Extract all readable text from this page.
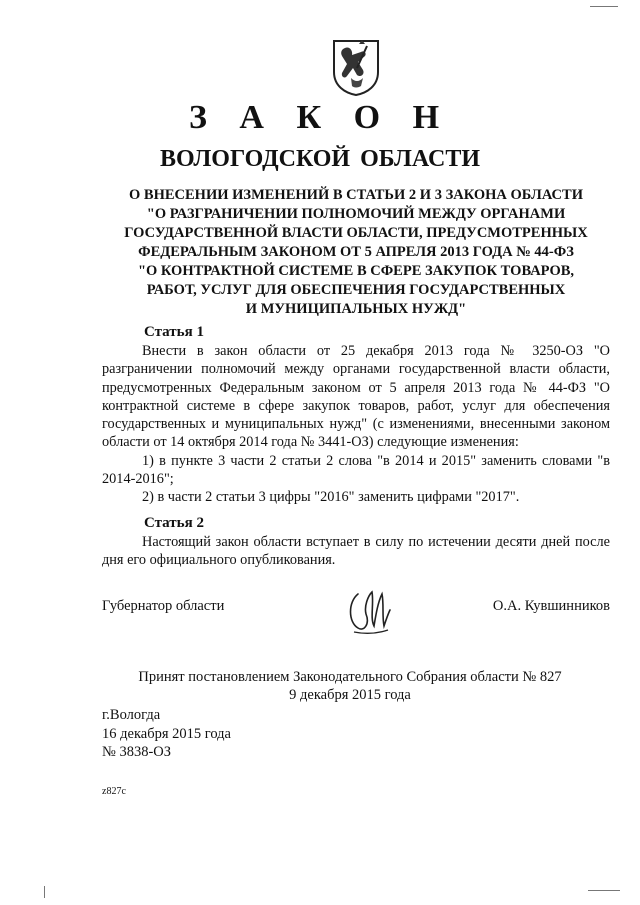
З А К О Н
ВОЛОГОДСКОЙ ОБЛАСТИ
О ВНЕСЕНИИ ИЗМЕНЕНИЙ В СТАТЬИ 2 И 3 ЗАКОНА ОБЛАСТИ
"О РАЗГРАНИЧЕНИИ ПОЛНОМОЧИЙ МЕЖДУ ОРГАНАМИ
ГОСУДАРСТВЕННОЙ ВЛАСТИ ОБЛАСТИ, ПРЕДУСМОТРЕННЫХ
ФЕДЕРАЛЬНЫМ ЗАКОНОМ ОТ 5 АПРЕЛЯ 2013 ГОДА № 44-ФЗ
"О КОНТРАКТНОЙ СИСТЕМЕ В СФЕРЕ ЗАКУПОК ТОВАРОВ,
РАБОТ, УСЛУГ ДЛЯ ОБЕСПЕЧЕНИЯ ГОСУДАРСТВЕННЫХ
И МУНИЦИПАЛЬНЫХ НУЖД"
Статья 1

Внести в закон области от 25 декабря 2013 года № 3250-ОЗ "О разграничении полномочий между органами государственной власти области, предусмотренных Федеральным законом от 5 апреля 2013 года № 44-ФЗ "О контрактной системе в сфере закупок товаров, работ, услуг для обеспечения государственных и муниципальных нужд" (с изменениями, внесенными законом области от 14 октября 2014 года № 3441-ОЗ) следующие изменения:

1) в пункте 3 части 2 статьи 2 слова "в 2014 и 2015" заменить словами "в 2014-2016";

2) в части 2 статьи 3 цифры "2016" заменить цифрами "2017".

Статья 2

Настоящий закон области вступает в силу по истечении десяти дней после дня его официального опубликования.

Губернатор области	О.А. Кувшинников
Принят постановлением Законодательного Собрания области № 827
9 декабря 2015 года
г.Вологда
16 декабря 2015 года
№ 3838-ОЗ
z827c
